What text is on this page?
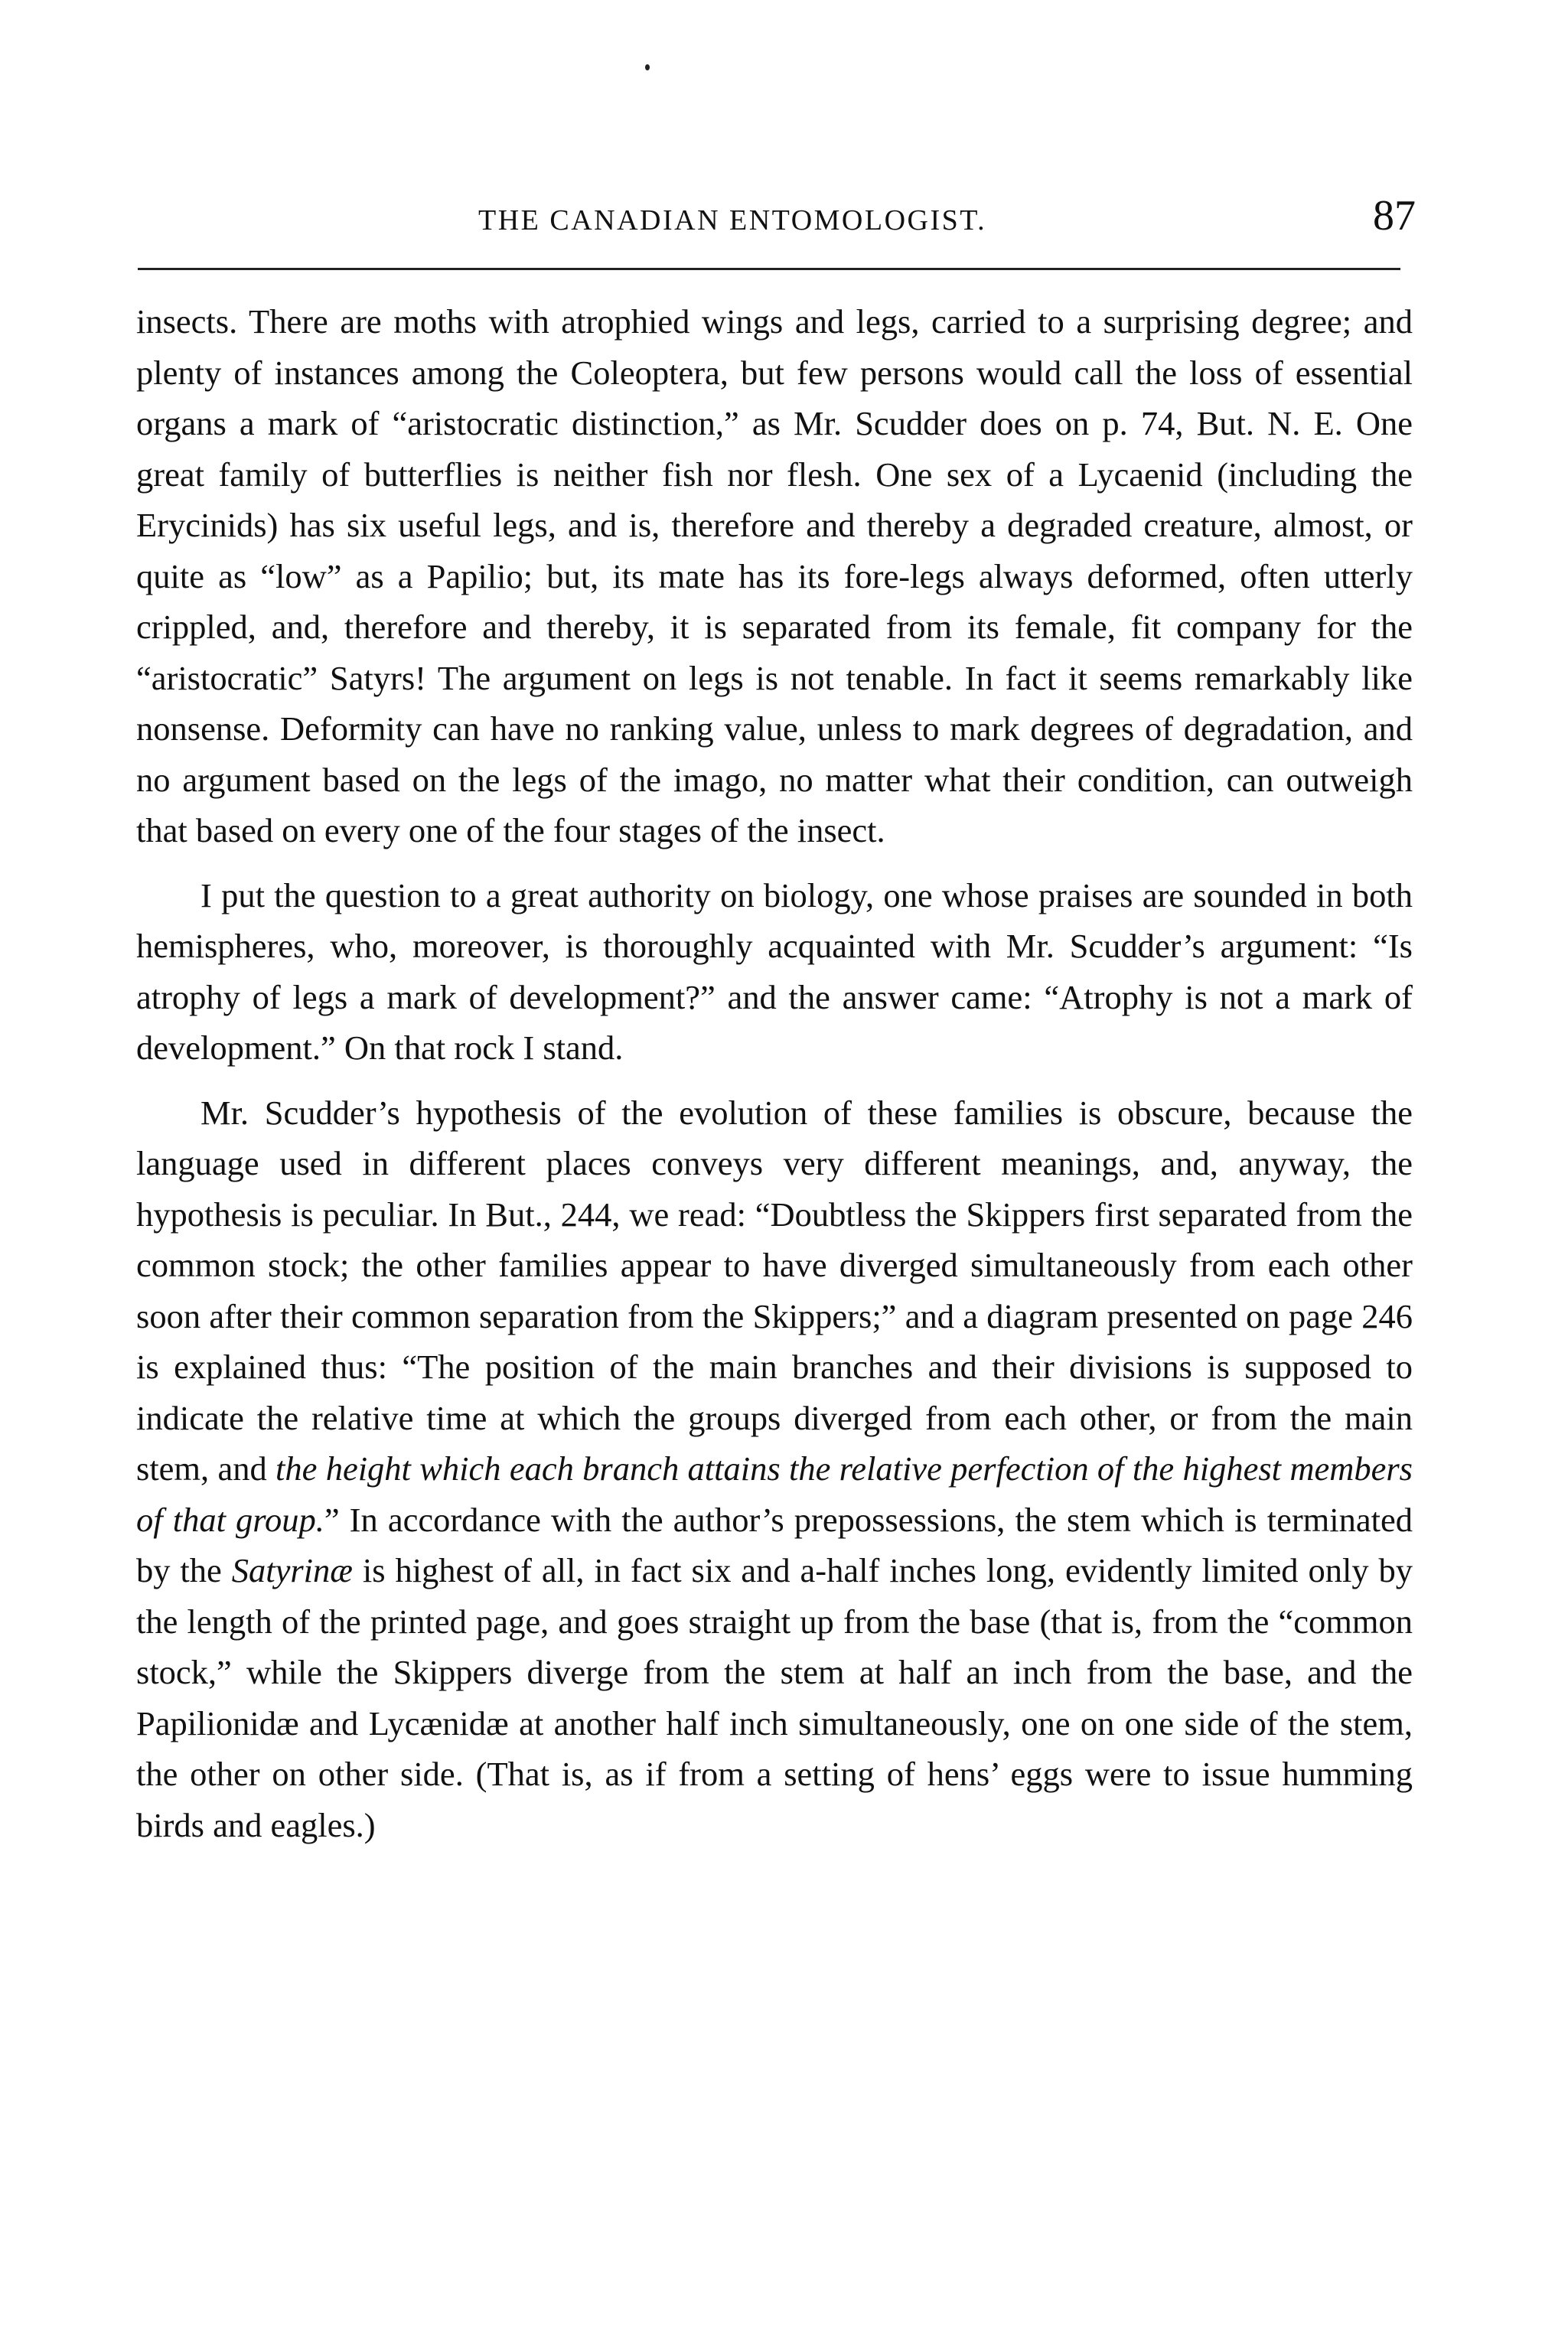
THE CANADIAN ENTOMOLOGIST.	87

insects. There are moths with atrophied wings and legs, carried to a surprising degree; and plenty of instances among the Coleoptera, but few persons would call the loss of essential organs a mark of “aristocratic distinction,” as Mr. Scudder does on p. 74, But. N. E. One great family of butterflies is neither fish nor flesh. One sex of a Lycaenid (including the Erycinids) has six useful legs, and is, therefore and thereby a degraded creature, almost, or quite as “low” as a Papilio; but, its mate has its fore-legs always deformed, often utterly crippled, and, therefore and thereby, it is separated from its female, fit company for the “aristocratic” Satyrs! The argument on legs is not tenable. In fact it seems remarkably like nonsense. Deformity can have no ranking value, unless to mark degrees of degradation, and no argument based on the legs of the imago, no matter what their condition, can outweigh that based on every one of the four stages of the insect.

I put the question to a great authority on biology, one whose praises are sounded in both hemispheres, who, moreover, is thoroughly acquainted with Mr. Scudder’s argument: “Is atrophy of legs a mark of development?” and the answer came: “Atrophy is not a mark of development.” On that rock I stand.

Mr. Scudder’s hypothesis of the evolution of these families is obscure, because the language used in different places conveys very different meanings, and, anyway, the hypothesis is peculiar. In But., 244, we read: “Doubtless the Skippers first separated from the common stock; the other families appear to have diverged simultaneously from each other soon after their common separation from the Skippers;” and a diagram presented on page 246 is explained thus: “The position of the main branches and their divisions is supposed to indicate the relative time at which the groups diverged from each other, or from the main stem, and the height which each branch attains the relative perfection of the highest members of that group.” In accordance with the author’s prepossessions, the stem which is terminated by the Satyrinæ is highest of all, in fact six and a-half inches long, evidently limited only by the length of the printed page, and goes straight up from the base (that is, from the “common stock,” while the Skippers diverge from the stem at half an inch from the base, and the Papilionidæ and Lycænidæ at another half inch simultaneously, one on one side of the stem, the other on other side. (That is, as if from a setting of hens’ eggs were to issue humming birds and eagles.)
